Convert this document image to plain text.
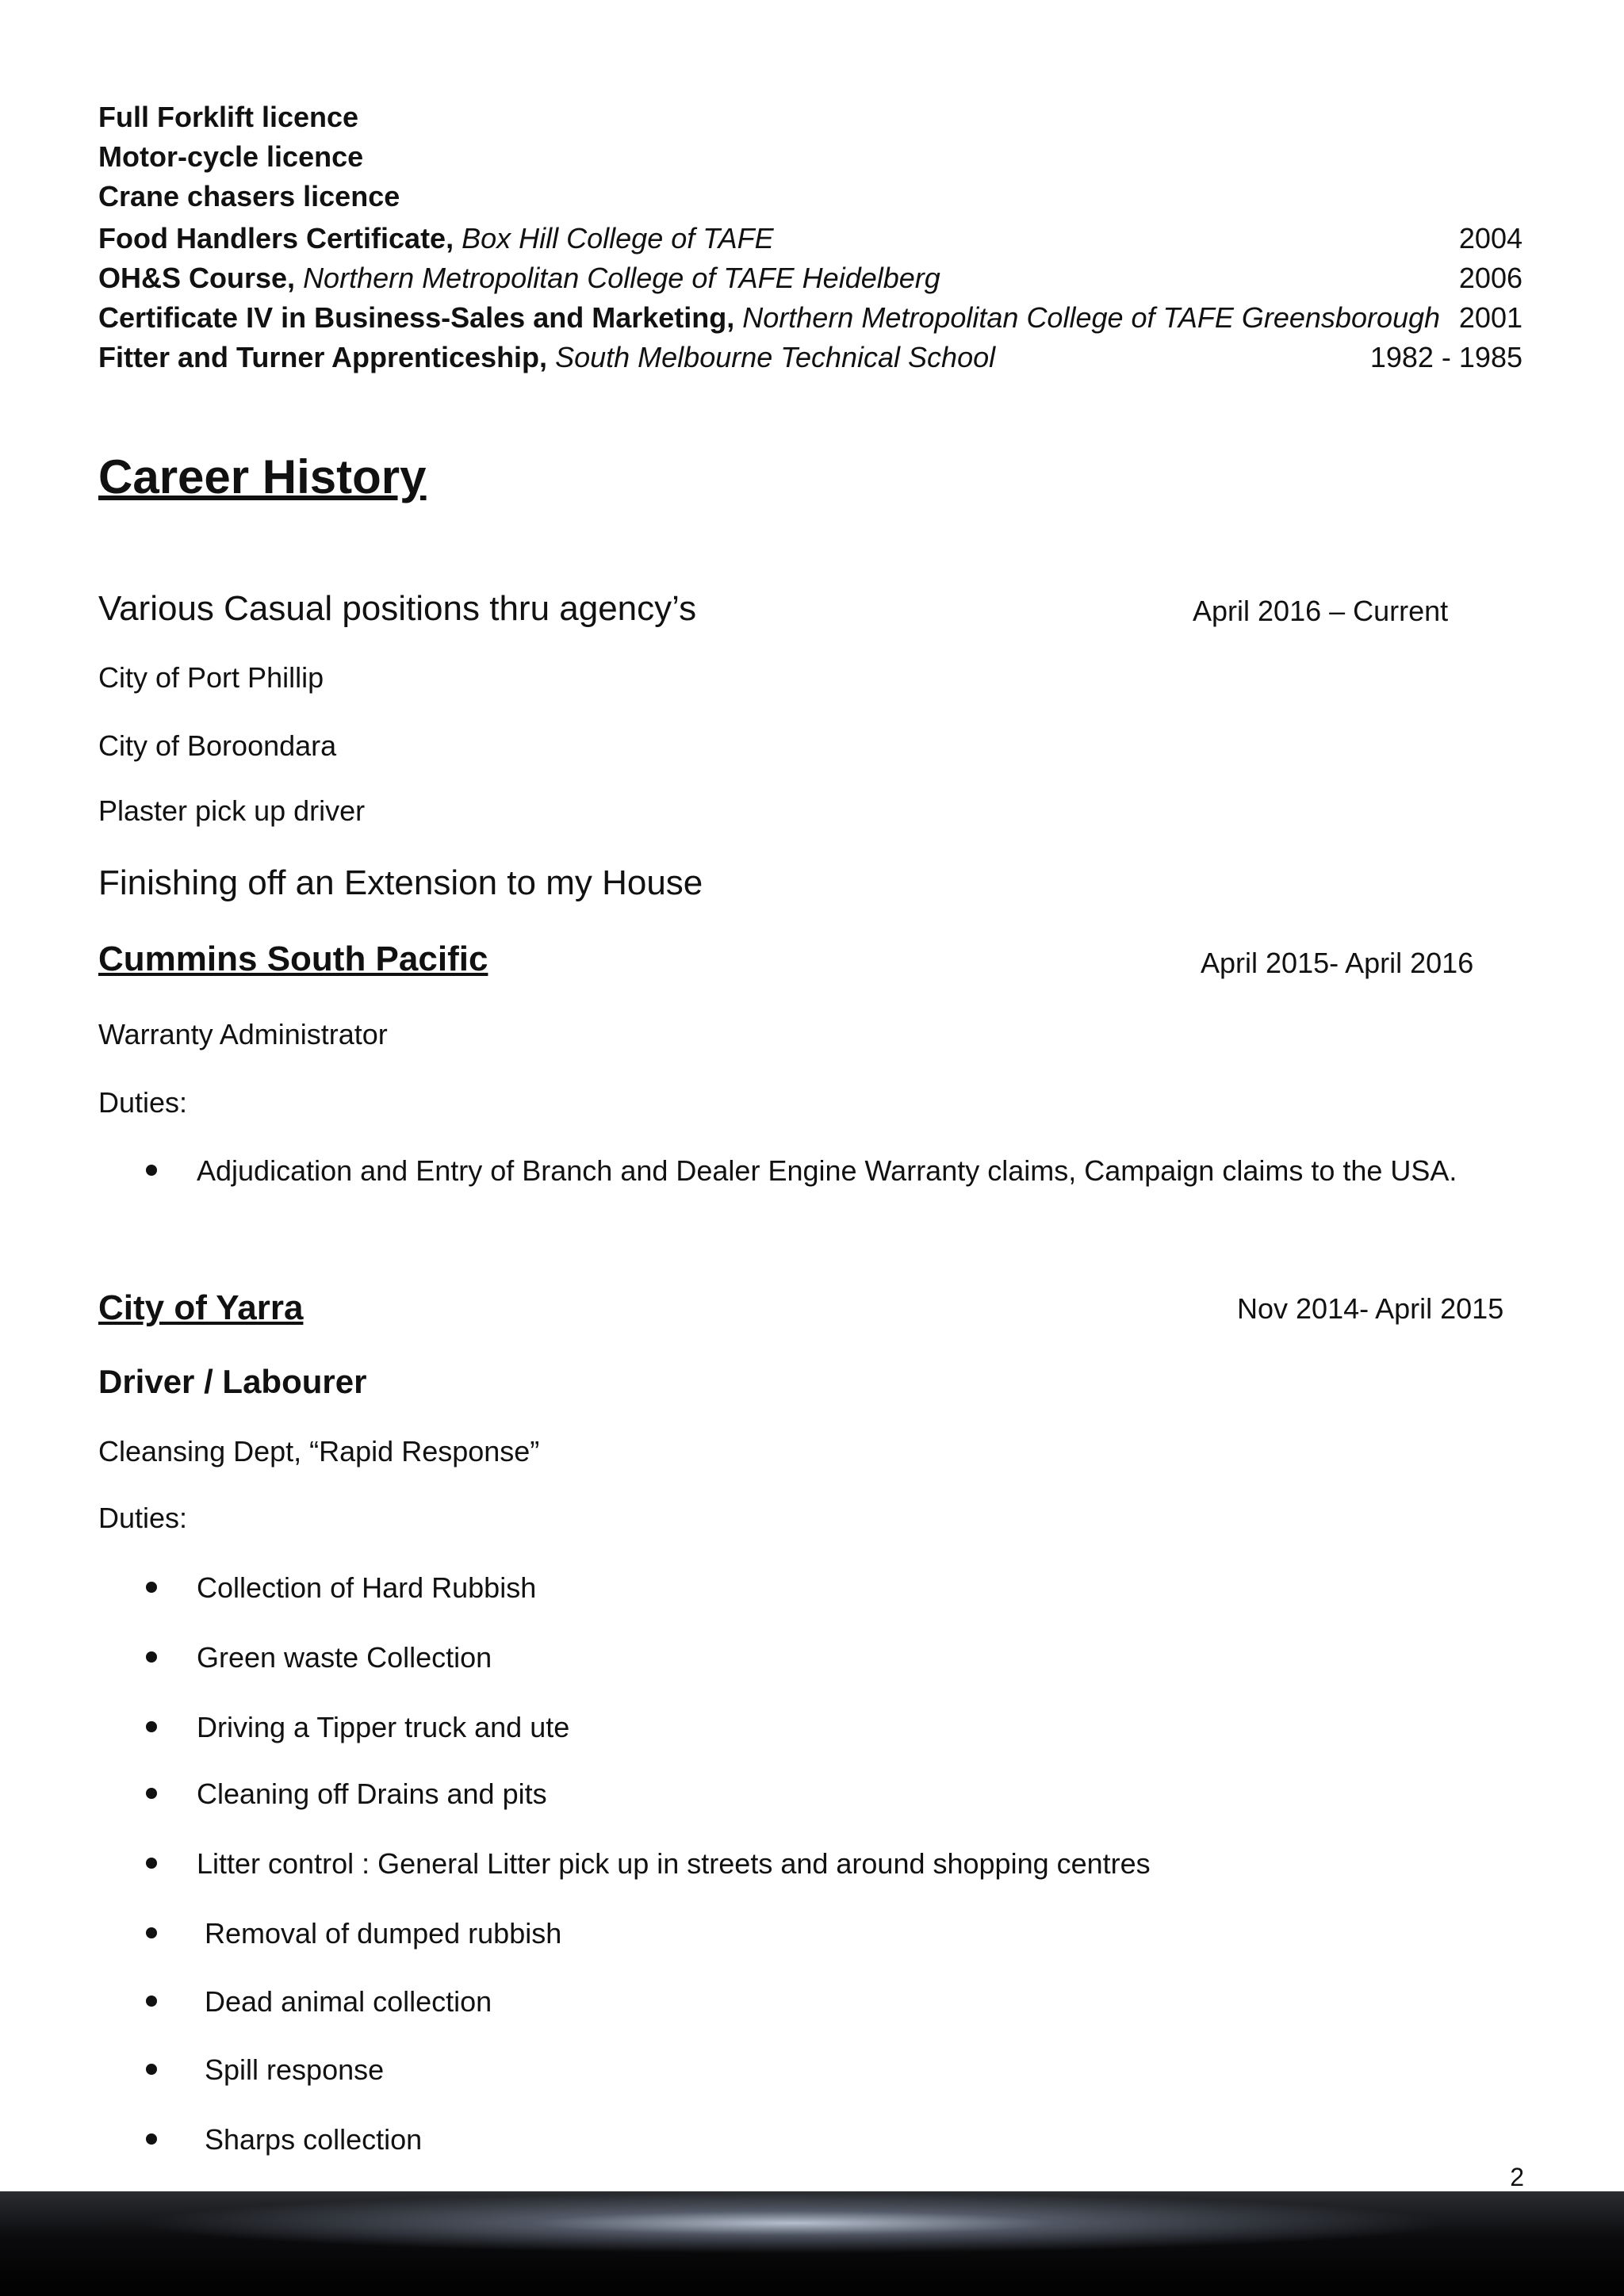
Full Forklift licence
Motor-cycle licence
Crane chasers licence
Food Handlers Certificate, Box Hill College of TAFE	2004
OH&S Course, Northern Metropolitan College of TAFE Heidelberg	2006
Certificate IV in Business-Sales and Marketing, Northern Metropolitan College of TAFE Greensborough 2001
Fitter and Turner Apprenticeship, South Melbourne Technical School	1982 - 1985
Career History
Various Casual positions thru agency’s	April 2016 – Current
City of Port Phillip
City of Boroondara
Plaster pick up driver
Finishing off an Extension to my House
Cummins South Pacific	April 2015- April 2016
Warranty Administrator
Duties:
Adjudication and Entry of Branch and Dealer Engine Warranty claims, Campaign claims to the USA.
City of Yarra	Nov 2014- April 2015
Driver / Labourer
Cleansing Dept, “Rapid Response”
Duties:
Collection of Hard Rubbish
Green waste Collection
Driving a Tipper truck and ute
Cleaning off Drains and pits
Litter control : General Litter pick up in streets and around shopping centres
Removal of dumped rubbish
Dead animal collection
Spill response
Sharps collection
2
